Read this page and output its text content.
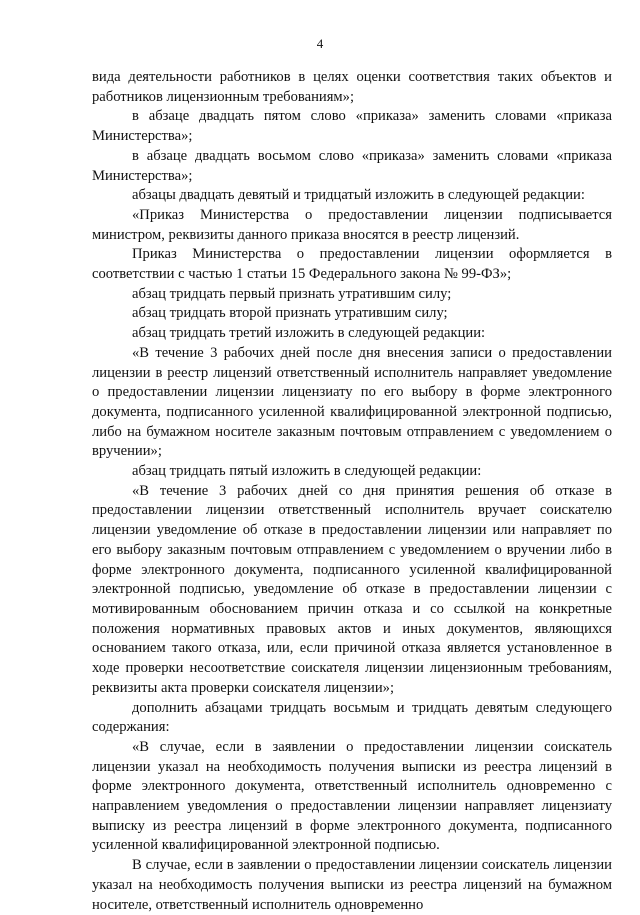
4

вида деятельности работников в целях оценки соответствия таких объектов и работников лицензионным требованиям»;

в абзаце двадцать пятом слово «приказа» заменить словами «приказа Министерства»;

в абзаце двадцать восьмом слово «приказа» заменить словами «приказа Министерства»;

абзацы двадцать девятый и тридцатый изложить в следующей редакции:

«Приказ Министерства о предоставлении лицензии подписывается министром, реквизиты данного приказа вносятся в реестр лицензий.

Приказ Министерства о предоставлении лицензии оформляется в соответствии с частью 1 статьи 15 Федерального закона № 99-ФЗ»;

абзац тридцать первый признать утратившим силу;

абзац тридцать второй признать утратившим силу;

абзац тридцать третий изложить в следующей редакции:

«В течение 3 рабочих дней после дня внесения записи о предоставлении лицензии в реестр лицензий ответственный исполнитель направляет уведомление о предоставлении лицензии лицензиату по его выбору в форме электронного документа, подписанного усиленной квалифицированной электронной подписью, либо на бумажном носителе заказным почтовым отправлением с уведомлением о вручении»;

абзац тридцать пятый изложить в следующей редакции:

«В течение 3 рабочих дней со дня принятия решения об отказе в предоставлении лицензии ответственный исполнитель вручает соискателю лицензии уведомление об отказе в предоставлении лицензии или направляет по его выбору заказным почтовым отправлением с уведомлением о вручении либо в форме электронного документа, подписанного усиленной квалифицированной электронной подписью, уведомление об отказе в предоставлении лицензии с мотивированным обоснованием причин отказа и со ссылкой на конкретные положения нормативных правовых актов и иных документов, являющихся основанием такого отказа, или, если причиной отказа является установленное в ходе проверки несоответствие соискателя лицензии лицензионным требованиям, реквизиты акта проверки соискателя лицензии»;

дополнить абзацами тридцать восьмым и тридцать девятым следующего содержания:

«В случае, если в заявлении о предоставлении лицензии соискатель лицензии указал на необходимость получения выписки из реестра лицензий в форме электронного документа, ответственный исполнитель одновременно с направлением уведомления о предоставлении лицензии направляет лицензиату выписку из реестра лицензий в форме электронного документа, подписанного усиленной квалифицированной электронной подписью.

В случае, если в заявлении о предоставлении лицензии соискатель лицензии указал на необходимость получения выписки из реестра лицензий на бумажном носителе, ответственный исполнитель одновременно
